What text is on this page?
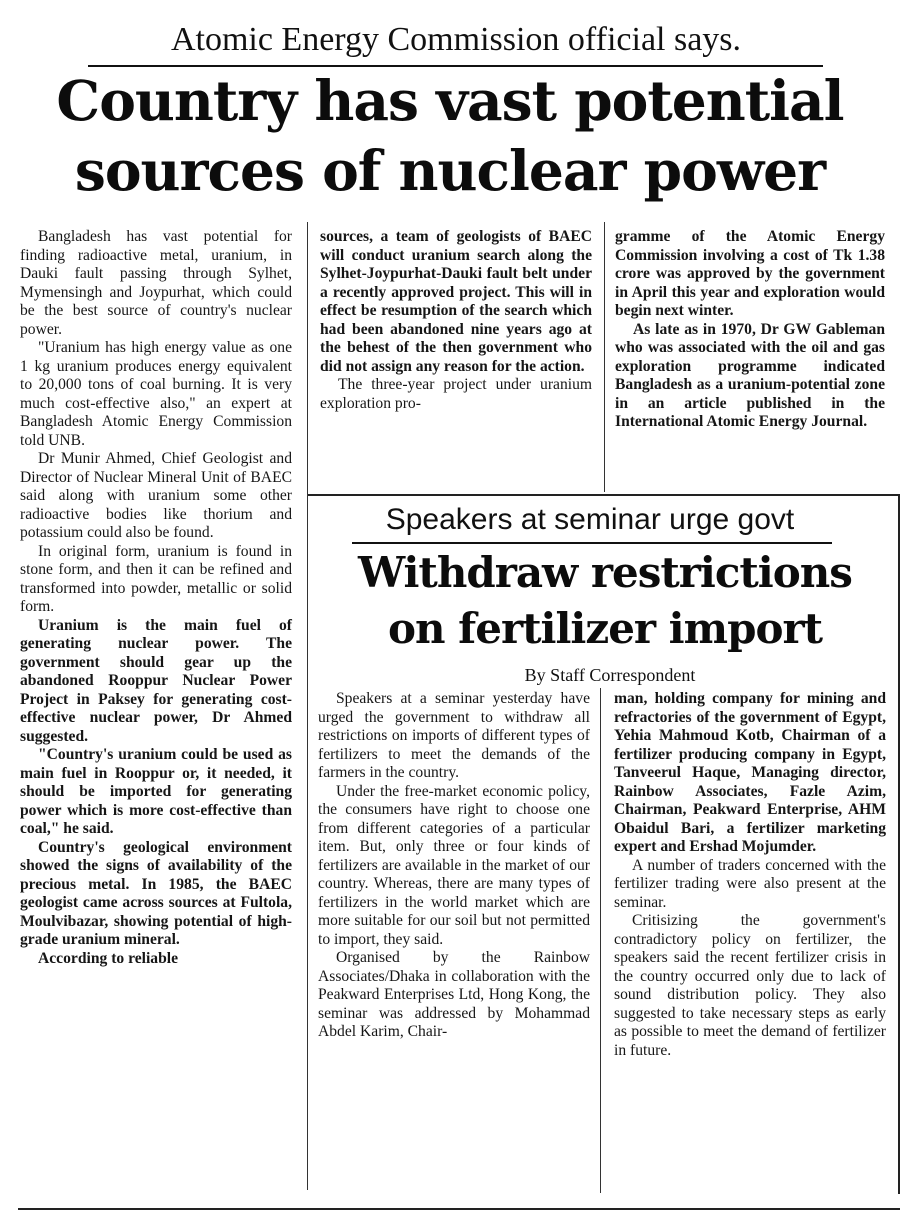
Atomic Energy Commission official says.
Country has vast potential
sources of nuclear power

Bangladesh has vast potential for finding radioactive metal, uranium, in Dauki fault passing through Sylhet, Mymensingh and Joypurhat, which could be the best source of country's nuclear power.

"Uranium has high energy value as one 1 kg uranium produces energy equivalent to 20,000 tons of coal burning. It is very much cost-effective also," an expert at Bangladesh Atomic Energy Commission told UNB.

Dr Munir Ahmed, Chief Geologist and Director of Nuclear Mineral Unit of BAEC said along with uranium some other radioactive bodies like thorium and potassium could also be found.

In original form, uranium is found in stone form, and then it can be refined and transformed into powder, metallic or solid form.

Uranium is the main fuel of generating nuclear power. The government should gear up the abandoned Rooppur Nuclear Power Project in Paksey for generating cost-effective nuclear power, Dr Ahmed suggested.

"Country's uranium could be used as main fuel in Rooppur or, it needed, it should be imported for generating power which is more cost-effective than coal," he said.

Country's geological environment showed the signs of availability of the precious metal. In 1985, the BAEC geologist came across sources at Fultola, Moulvibazar, showing potential of high-grade uranium mineral.

According to reliable

sources, a team of geologists of BAEC will conduct uranium search along the Sylhet-Joypurhat-Dauki fault belt under a recently approved project. This will in effect be resumption of the search which had been abandoned nine years ago at the behest of the then government who did not assign any reason for the action.

The three-year project under uranium exploration pro-

gramme of the Atomic Energy Commission involving a cost of Tk 1.38 crore was approved by the government in April this year and exploration would begin next winter.

As late as in 1970, Dr GW Gableman who was associated with the oil and gas exploration programme indicated Bangladesh as a uranium-potential zone in an article published in the International Atomic Energy Journal.

Speakers at seminar urge govt
Withdraw restrictions
on fertilizer import
By Staff Correspondent

Speakers at a seminar yesterday have urged the government to withdraw all restrictions on imports of different types of fertilizers to meet the demands of the farmers in the country.

Under the free-market economic policy, the consumers have right to choose one from different categories of a particular item. But, only three or four kinds of fertilizers are available in the market of our country. Whereas, there are many types of fertilizers in the world market which are more suitable for our soil but not permitted to import, they said.

Organised by the Rainbow Associates/Dhaka in collaboration with the Peakward Enterprises Ltd, Hong Kong, the seminar was addressed by Mohammad Abdel Karim, Chair-

man, holding company for mining and refractories of the government of Egypt, Yehia Mahmoud Kotb, Chairman of a fertilizer producing company in Egypt, Tanveerul Haque, Managing director, Rainbow Associates, Fazle Azim, Chairman, Peakward Enterprise, AHM Obaidul Bari, a fertilizer marketing expert and Ershad Mojumder.

A number of traders concerned with the fertilizer trading were also present at the seminar.

Critisizing the government's contradictory policy on fertilizer, the speakers said the recent fertilizer crisis in the country occurred only due to lack of sound distribution policy. They also suggested to take necessary steps as early as possible to meet the demand of fertilizer in future.
